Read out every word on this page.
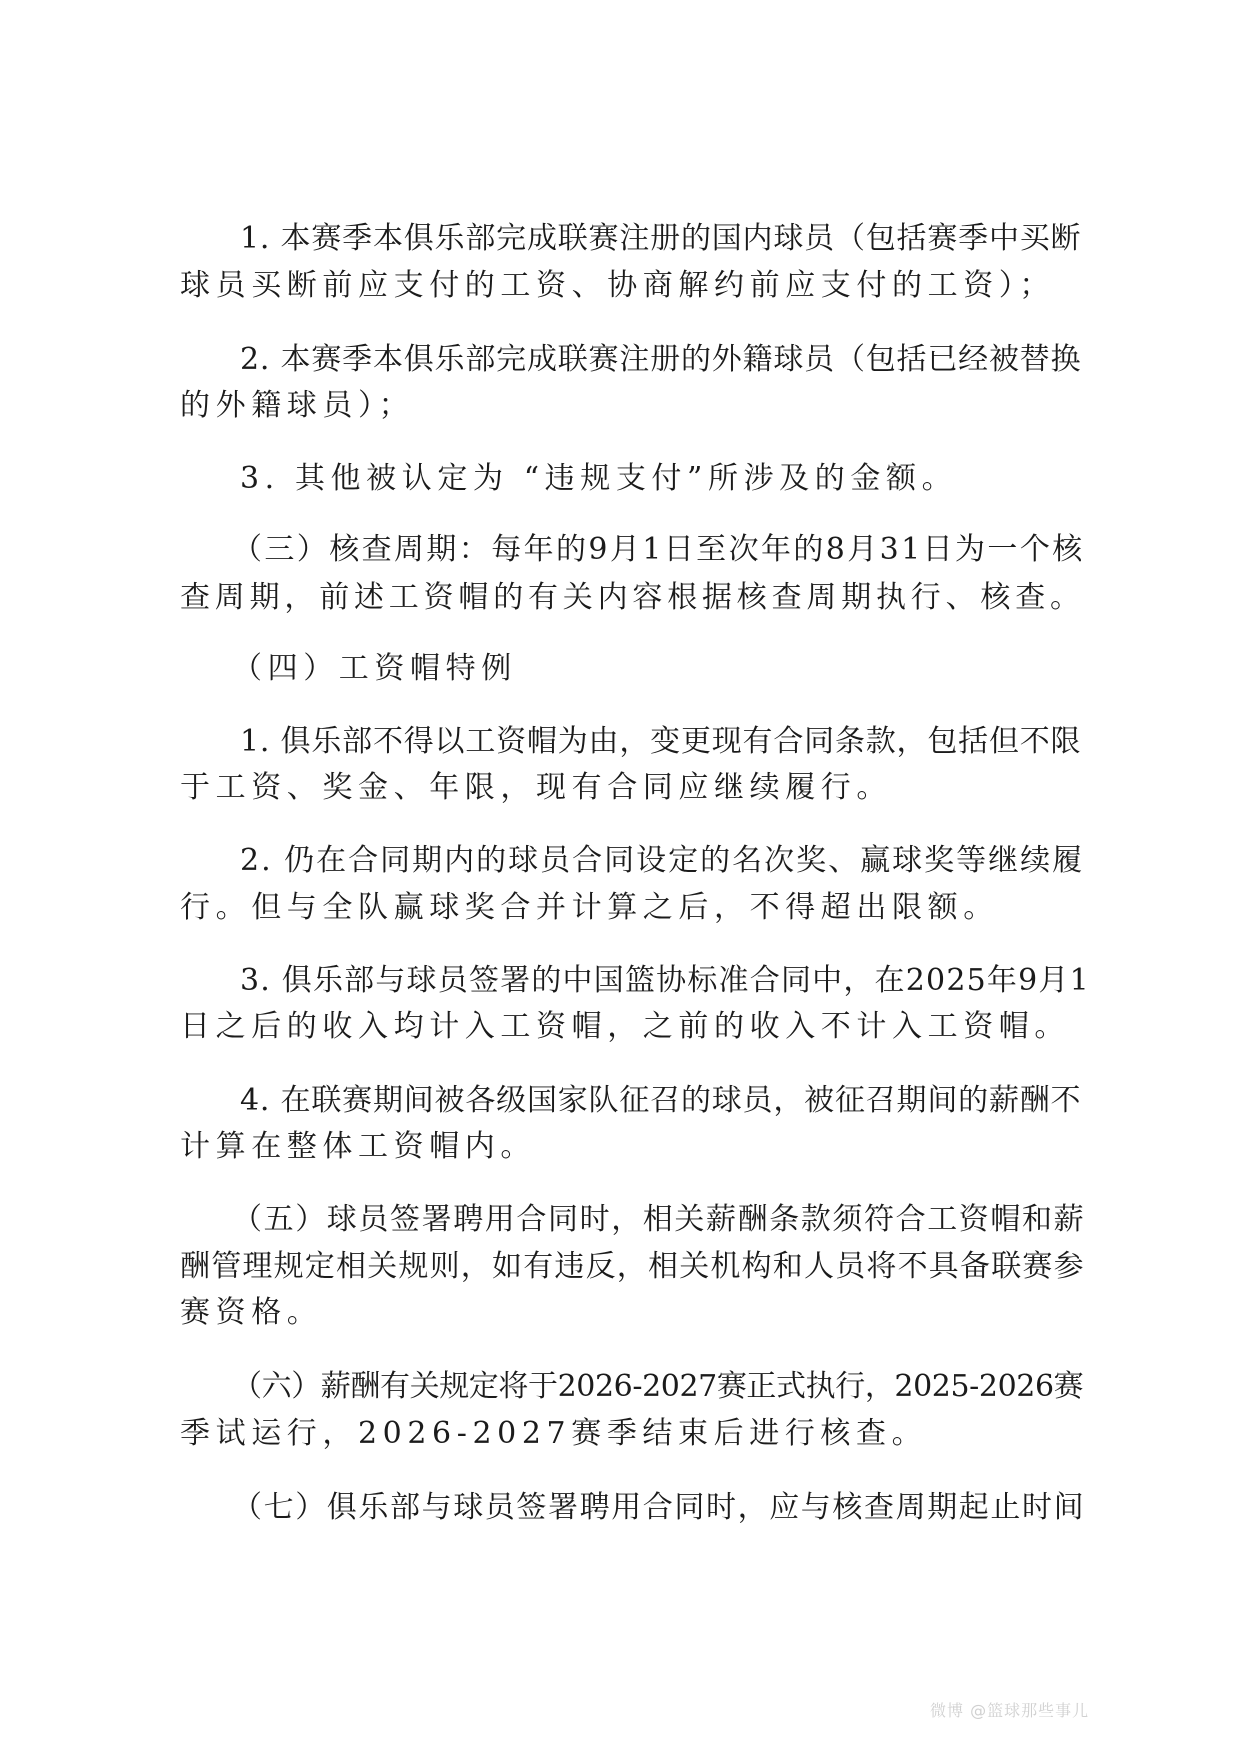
1. 本赛季本俱乐部完成联赛注册的国内球员（包括赛季中买断
球员买断前应支付的工资、协商解约前应支付的工资）；
2. 本赛季本俱乐部完成联赛注册的外籍球员（包括已经被替换
的外籍球员）；
3. 其他被认定为 “违规支付”所涉及的金额。
（三）核查周期：每年的9月1日至次年的8月31日为一个核
查周期，前述工资帽的有关内容根据核查周期执行、核查。
（四）工资帽特例
1. 俱乐部不得以工资帽为由，变更现有合同条款，包括但不限
于工资、奖金、年限，现有合同应继续履行。
2. 仍在合同期内的球员合同设定的名次奖、赢球奖等继续履
行。但与全队赢球奖合并计算之后，不得超出限额。
3. 俱乐部与球员签署的中国篮协标准合同中，在2025年9月1
日之后的收入均计入工资帽，之前的收入不计入工资帽。
4. 在联赛期间被各级国家队征召的球员，被征召期间的薪酬不
计算在整体工资帽内。
（五）球员签署聘用合同时，相关薪酬条款须符合工资帽和薪
酬管理规定相关规则，如有违反，相关机构和人员将不具备联赛参
赛资格。
（六）薪酬有关规定将于2026-2027赛正式执行，2025-2026赛
季试运行，2026-2027赛季结束后进行核查。
（七）俱乐部与球员签署聘用合同时，应与核查周期起止时间
微博 @篮球那些事儿
